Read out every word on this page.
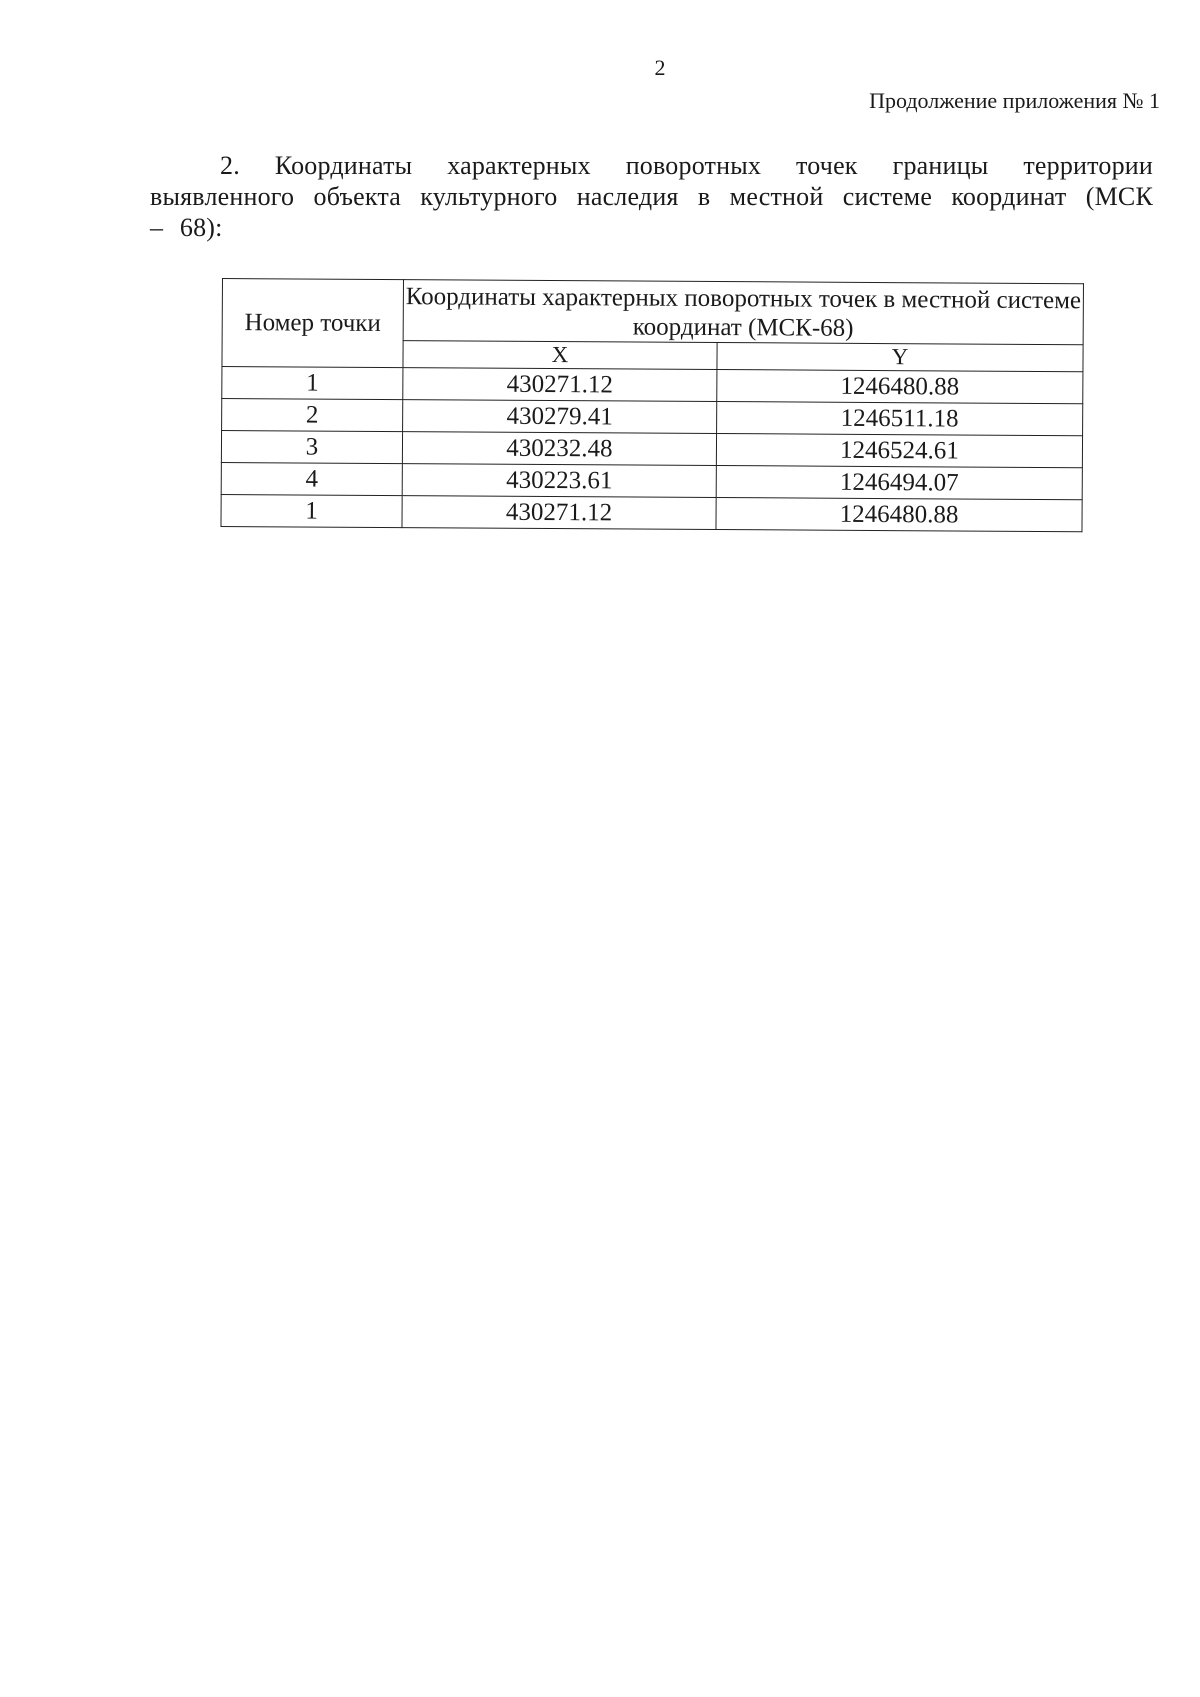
2
Продолжение приложения № 1

2. Координаты характерных поворотных точек границы территории выявленного объекта культурного наследия в местной системе координат (МСК – 68):

Номер точки	Координаты характерных поворотных точек в местной системе координат (МСК-68)	
	X	Y
1	430271.12	1246480.88
2	430279.41	1246511.18
3	430232.48	1246524.61
4	430223.61	1246494.07
1	430271.12	1246480.88
